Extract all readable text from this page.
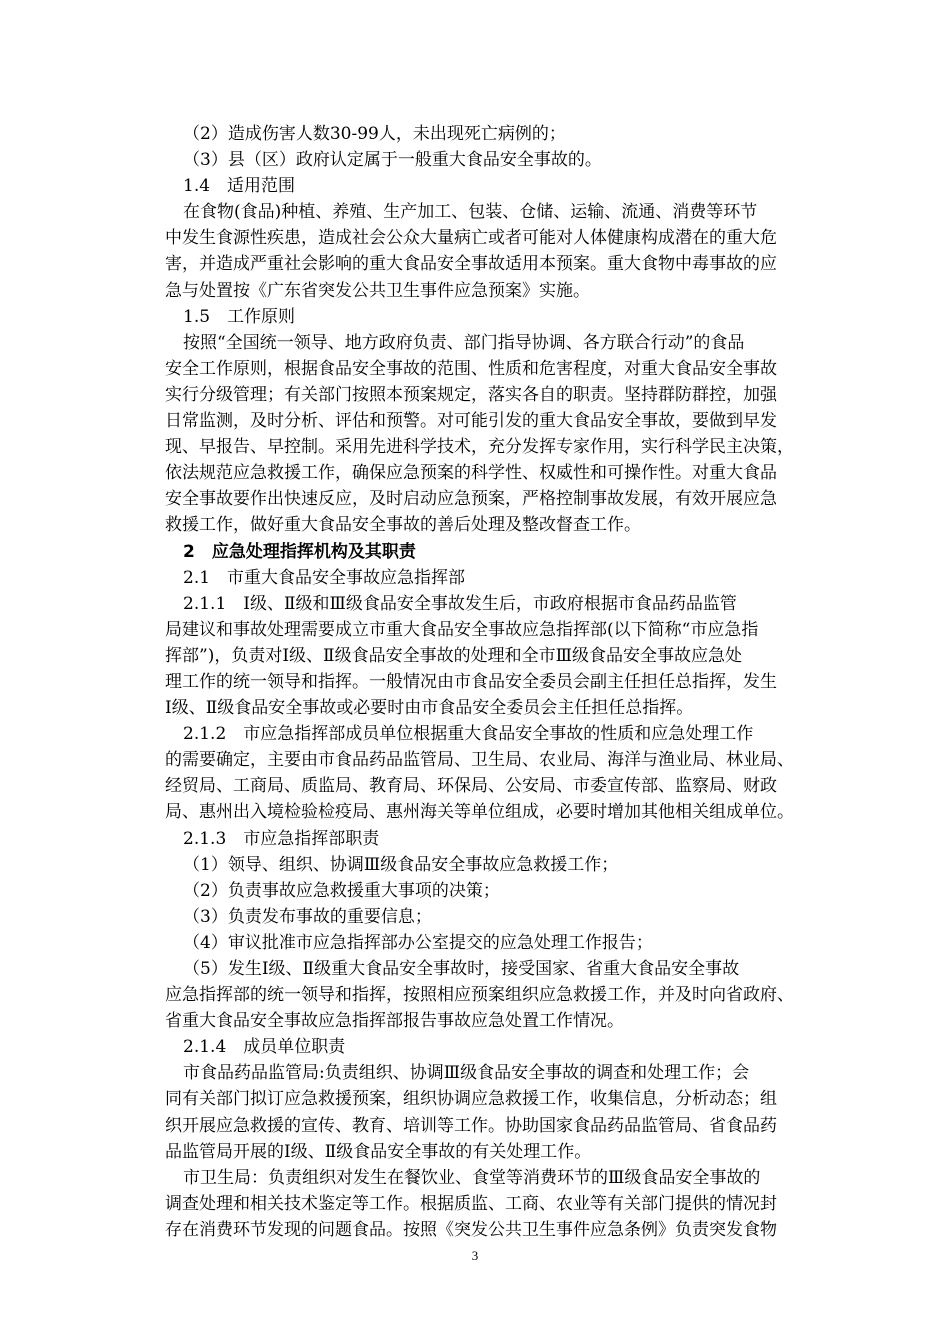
（2）造成伤害人数30-99人，未出现死亡病例的；
（3）县（区）政府认定属于一般重大食品安全事故的。
1.4　适用范围
在食物(食品)种植、养殖、生产加工、包装、仓储、运输、流通、消费等环节
中发生食源性疾患，造成社会公众大量病亡或者可能对人体健康构成潜在的重大危
害，并造成严重社会影响的重大食品安全事故适用本预案。重大食物中毒事故的应
急与处置按《广东省突发公共卫生事件应急预案》实施。
1.5　工作原则
按照“全国统一领导、地方政府负责、部门指导协调、各方联合行动”的食品
安全工作原则，根据食品安全事故的范围、性质和危害程度，对重大食品安全事故
实行分级管理；有关部门按照本预案规定，落实各自的职责。坚持群防群控，加强
日常监测，及时分析、评估和预警。对可能引发的重大食品安全事故，要做到早发
现、早报告、早控制。采用先进科学技术，充分发挥专家作用，实行科学民主决策，
依法规范应急救援工作，确保应急预案的科学性、权威性和可操作性。对重大食品
安全事故要作出快速反应，及时启动应急预案，严格控制事故发展，有效开展应急
救援工作，做好重大食品安全事故的善后处理及整改督查工作。
2　应急处理指挥机构及其职责
2.1　市重大食品安全事故应急指挥部
2.1.1　Ⅰ级、Ⅱ级和Ⅲ级食品安全事故发生后，市政府根据市食品药品监管
局建议和事故处理需要成立市重大食品安全事故应急指挥部(以下简称“市应急指
挥部”)，负责对Ⅰ级、Ⅱ级食品安全事故的处理和全市Ⅲ级食品安全事故应急处
理工作的统一领导和指挥。一般情况由市食品安全委员会副主任担任总指挥，发生
Ⅰ级、Ⅱ级食品安全事故或必要时由市食品安全委员会主任担任总指挥。
2.1.2　市应急指挥部成员单位根据重大食品安全事故的性质和应急处理工作
的需要确定，主要由市食品药品监管局、卫生局、农业局、海洋与渔业局、林业局、
经贸局、工商局、质监局、教育局、环保局、公安局、市委宣传部、监察局、财政
局、惠州出入境检验检疫局、惠州海关等单位组成，必要时增加其他相关组成单位。
2.1.3　市应急指挥部职责
（1）领导、组织、协调Ⅲ级食品安全事故应急救援工作；
（2）负责事故应急救援重大事项的决策；
（3）负责发布事故的重要信息；
（4）审议批准市应急指挥部办公室提交的应急处理工作报告；
（5）发生Ⅰ级、Ⅱ级重大食品安全事故时，接受国家、省重大食品安全事故
应急指挥部的统一领导和指挥，按照相应预案组织应急救援工作，并及时向省政府、
省重大食品安全事故应急指挥部报告事故应急处置工作情况。
2.1.4　成员单位职责
市食品药品监管局:负责组织、协调Ⅲ级食品安全事故的调查和处理工作；会
同有关部门拟订应急救援预案，组织协调应急救援工作，收集信息，分析动态；组
织开展应急救援的宣传、教育、培训等工作。协助国家食品药品监管局、省食品药
品监管局开展的Ⅰ级、Ⅱ级食品安全事故的有关处理工作。
市卫生局：负责组织对发生在餐饮业、食堂等消费环节的Ⅲ级食品安全事故的
调查处理和相关技术鉴定等工作。根据质监、工商、农业等有关部门提供的情况封
存在消费环节发现的问题食品。按照《突发公共卫生事件应急条例》负责突发食物
3
